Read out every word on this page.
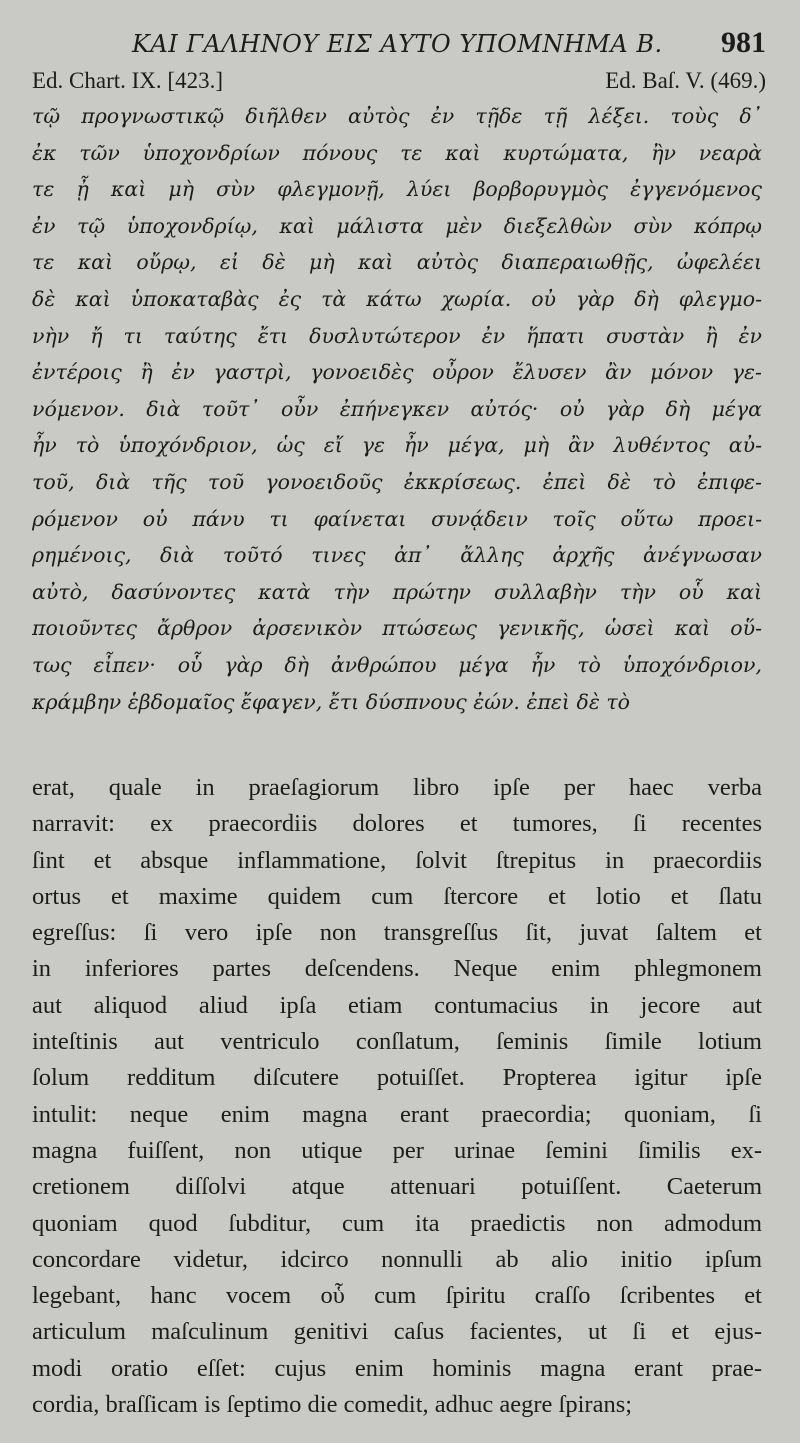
ΚΑΙ ΓΑΛΗΝΟΥ ΕΙΣ ΑΥΤΟ ΥΠΟΜΝΗΜΑ Β. 981
Ed. Chart. IX. [423.]	Ed. Baſ. V. (469.)
τῷ προγνωστικῷ διῆλθεν αὐτὸς ἐν τῇδε τῇ λέξει. τοὺς δ᾽
ἐκ τῶν ὑποχονδρίων πόνους τε καὶ κυρτώματα, ἢν νεαρὰ
τε ᾖ καὶ μὴ σὺν φλεγμονῇ, λύει βορβορυγμὸς ἐγγενόμενος
ἐν τῷ ὑποχονδρίῳ, καὶ μάλιστα μὲν διεξελθὼν σὺν κόπρῳ
τε καὶ οὔρῳ, εἰ δὲ μὴ καὶ αὐτὸς διαπεραιωθῇς, ὠφελέει
δὲ καὶ ὑποκαταβὰς ἐς τὰ κάτω χωρία. οὐ γὰρ δὴ φλεγμο-
νὴν ἤ τι ταύτης ἔτι δυσλυτώτερον ἐν ἥπατι συστὰν ἢ ἐν
ἐντέροις ἢ ἐν γαστρὶ, γονοειδὲς οὖρον ἔλυσεν ἂν μόνον γε-
νόμενον. διὰ τοῦτ᾽ οὖν ἐπήνεγκεν αὐτός· οὐ γὰρ δὴ μέγα
ἦν τὸ ὑποχόνδριον, ὡς εἴ γε ἦν μέγα, μὴ ἂν λυθέντος αὐ-
τοῦ, διὰ τῆς τοῦ γονοειδοῦς ἐκκρίσεως. ἐπεὶ δὲ τὸ ἐπιφε-
ρόμενον οὐ πάνυ τι φαίνεται συνᾴδειν τοῖς οὕτω προει-
ρημένοις, διὰ τοῦτό τινες ἀπ᾽ ἄλλης ἀρχῆς ἀνέγνωσαν
αὐτὸ, δασύνοντες κατὰ τὴν πρώτην συλλαβὴν τὴν οὗ καὶ
ποιοῦντες ἄρθρον ἀρσενικὸν πτώσεως γενικῆς, ὡσεὶ καὶ οὕ-
τως εἶπεν· οὗ γὰρ δὴ ἀνθρώπου μέγα ἦν τὸ ὑποχόνδριον,
κράμβην ἑβδομαῖος ἔφαγεν, ἔτι δύσπνους ἐών. ἐπεὶ δὲ τὸ
erat, quale in praeſagiorum libro ipſe per haec verba
narravit: ex praecordiis dolores et tumores, ſi recentes
ſint et absque inflammatione, ſolvit ſtrepitus in praecordiis
ortus et maxime quidem cum ſtercore et lotio et ſlatu
egreſſus: ſi vero ipſe non transgreſſus ſit, juvat ſaltem et
in inferiores partes deſcendens. Neque enim phlegmonem
aut aliquod aliud ipſa etiam contumacius in jecore aut
inteſtinis aut ventriculo conſlatum, ſeminis ſimile lotium
ſolum redditum diſcutere potuiſſet. Propterea igitur ipſe
intulit: neque enim magna erant praecordia; quoniam, ſi
magna fuiſſent, non utique per urinae ſemini ſimilis ex-
cretionem diſſolvi atque attenuari potuiſſent. Caeterum
quoniam quod ſubditur, cum ita praedictis non admodum
concordare videtur, idcirco nonnulli ab alio initio ipſum
legebant, hanc vocem οὗ cum ſpiritu craſſo ſcribentes et
articulum maſculinum genitivi caſus facientes, ut ſi et ejus-
modi oratio eſſet: cujus enim hominis magna erant prae-
cordia, braſſicam is ſeptimo die comedit, adhuc aegre ſpirans;
